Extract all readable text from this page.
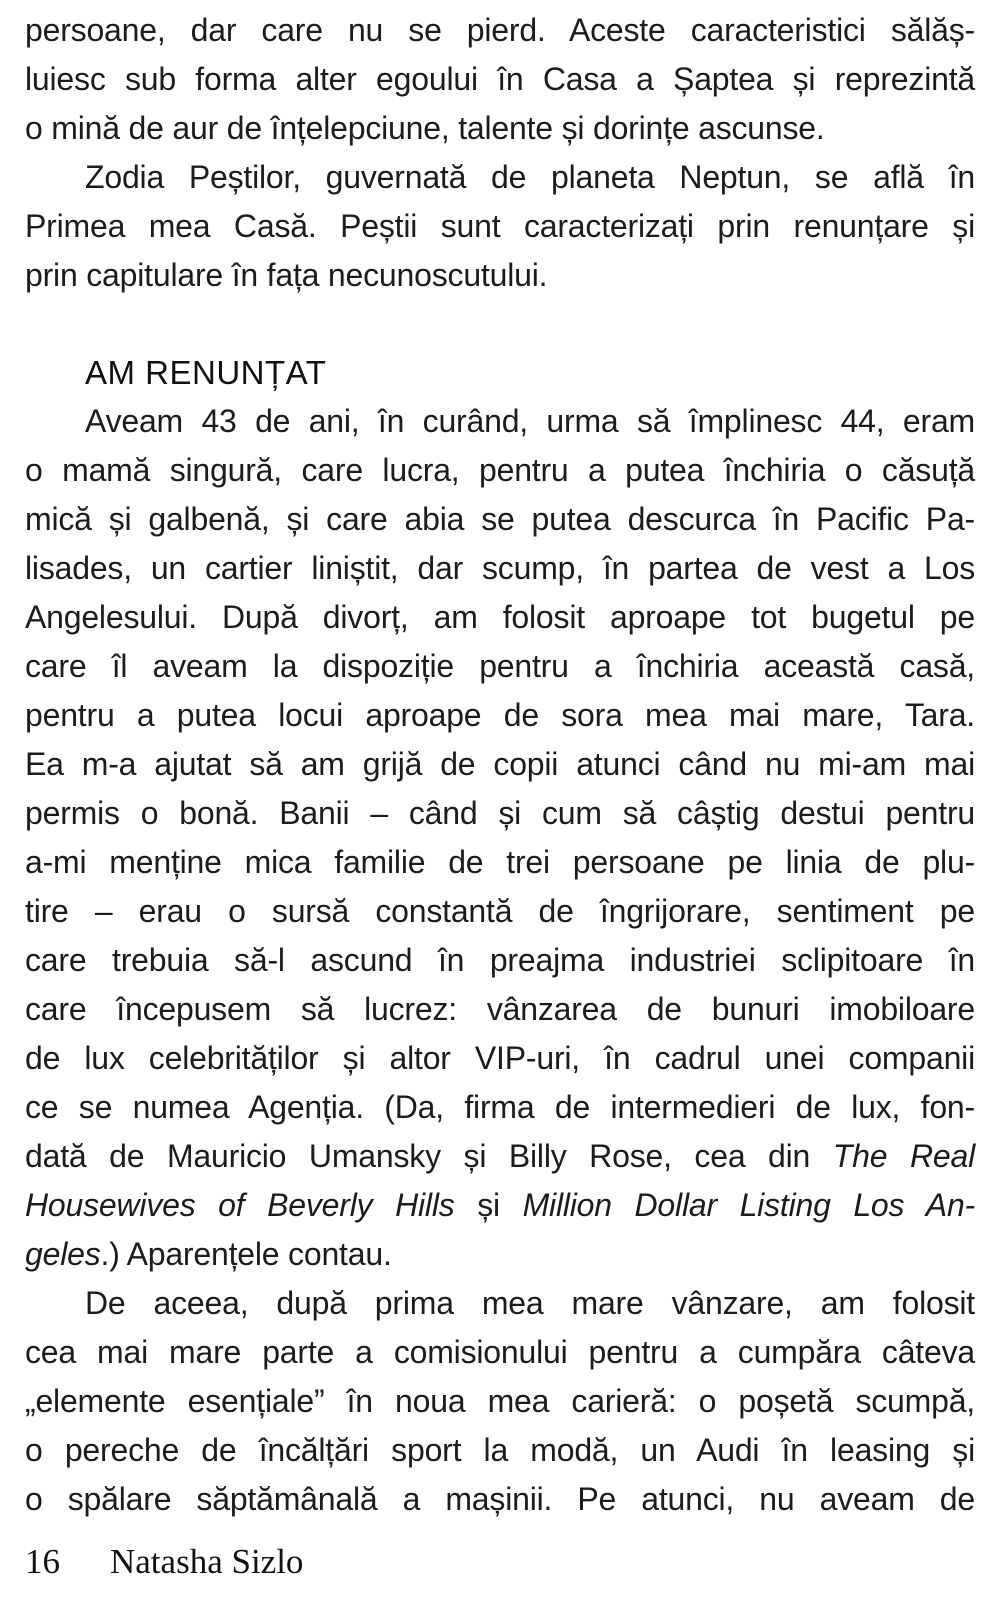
persoane, dar care nu se pierd. Aceste caracteristici sălăș-
luiesc sub forma alter egoului în Casa a Șaptea și reprezintă
o mină de aur de înțelepciune, talente și dorințe ascunse.
Zodia Peștilor, guvernată de planeta Neptun, se află în
Primea mea Casă. Peștii sunt caracterizați prin renunțare și
prin capitulare în fața necunoscutului.
AM RENUNȚAT
Aveam 43 de ani, în curând, urma să împlinesc 44, eram
o mamă singură, care lucra, pentru a putea închiria o căsuță
mică și galbenă, și care abia se putea descurca în Pacific Pa-
lisades, un cartier liniștit, dar scump, în partea de vest a Los
Angelesului. După divorț, am folosit aproape tot bugetul pe
care îl aveam la dispoziție pentru a închiria această casă,
pentru a putea locui aproape de sora mea mai mare, Tara.
Ea m-a ajutat să am grijă de copii atunci când nu mi-am mai
permis o bonă. Banii – când și cum să câștig destui pentru
a-mi menține mica familie de trei persoane pe linia de plu-
tire – erau o sursă constantă de îngrijorare, sentiment pe
care trebuia să-l ascund în preajma industriei sclipitoare în
care începusem să lucrez: vânzarea de bunuri imobiloare
de lux celebrităților și altor VIP-uri, în cadrul unei companii
ce se numea Agenția. (Da, firma de intermedieri de lux, fon-
dată de Mauricio Umansky și Billy Rose, cea din The Real
Housewives of Beverly Hills și Million Dollar Listing Los An-
geles.) Aparențele contau.
De aceea, după prima mea mare vânzare, am folosit
cea mai mare parte a comisionului pentru a cumpăra câteva
„elemente esențiale” în noua mea carieră: o poșetă scumpă,
o pereche de încălțări sport la modă, un Audi în leasing și
o spălare săptămânală a mașinii. Pe atunci, nu aveam de
16 Natasha Sizlo
